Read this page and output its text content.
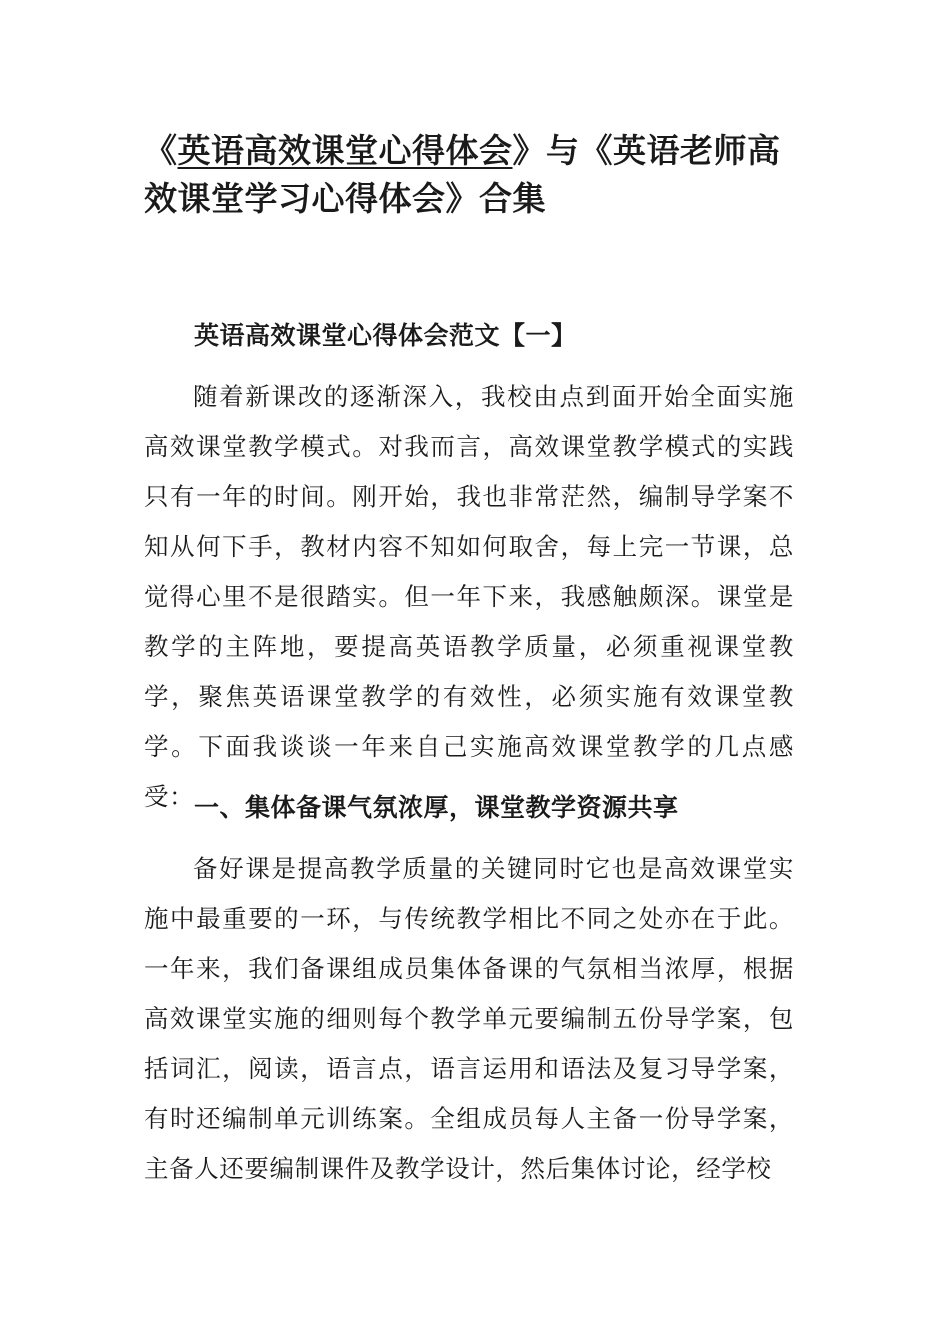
《英语高效课堂心得体会》与《英语老师高效课堂学习心得体会》合集
英语高效课堂心得体会范文【一】

随着新课改的逐渐深入，我校由点到面开始全面实施高效课堂教学模式。对我而言，高效课堂教学模式的实践只有一年的时间。刚开始，我也非常茫然，编制导学案不知从何下手，教材内容不知如何取舍，每上完一节课，总觉得心里不是很踏实。但一年下来，我感触颇深。课堂是教学的主阵地，要提高英语教学质量，必须重视课堂教学，聚焦英语课堂教学的有效性，必须实施有效课堂教学。下面我谈谈一年来自己实施高效课堂教学的几点感受： 一、集体备课气氛浓厚，课堂教学资源共享

备好课是提高教学质量的关键同时它也是高效课堂实施中最重要的一环，与传统教学相比不同之处亦在于此。一年来，我们备课组成员集体备课的气氛相当浓厚，根据高效课堂实施的细则每个教学单元要编制五份导学案，包括词汇，阅读，语言点，语言运用和语法及复习导学案，有时还编制单元训练案。全组成员每人主备一份导学案，主备人还要编制课件及教学设计，然后集体讨论，经学校
